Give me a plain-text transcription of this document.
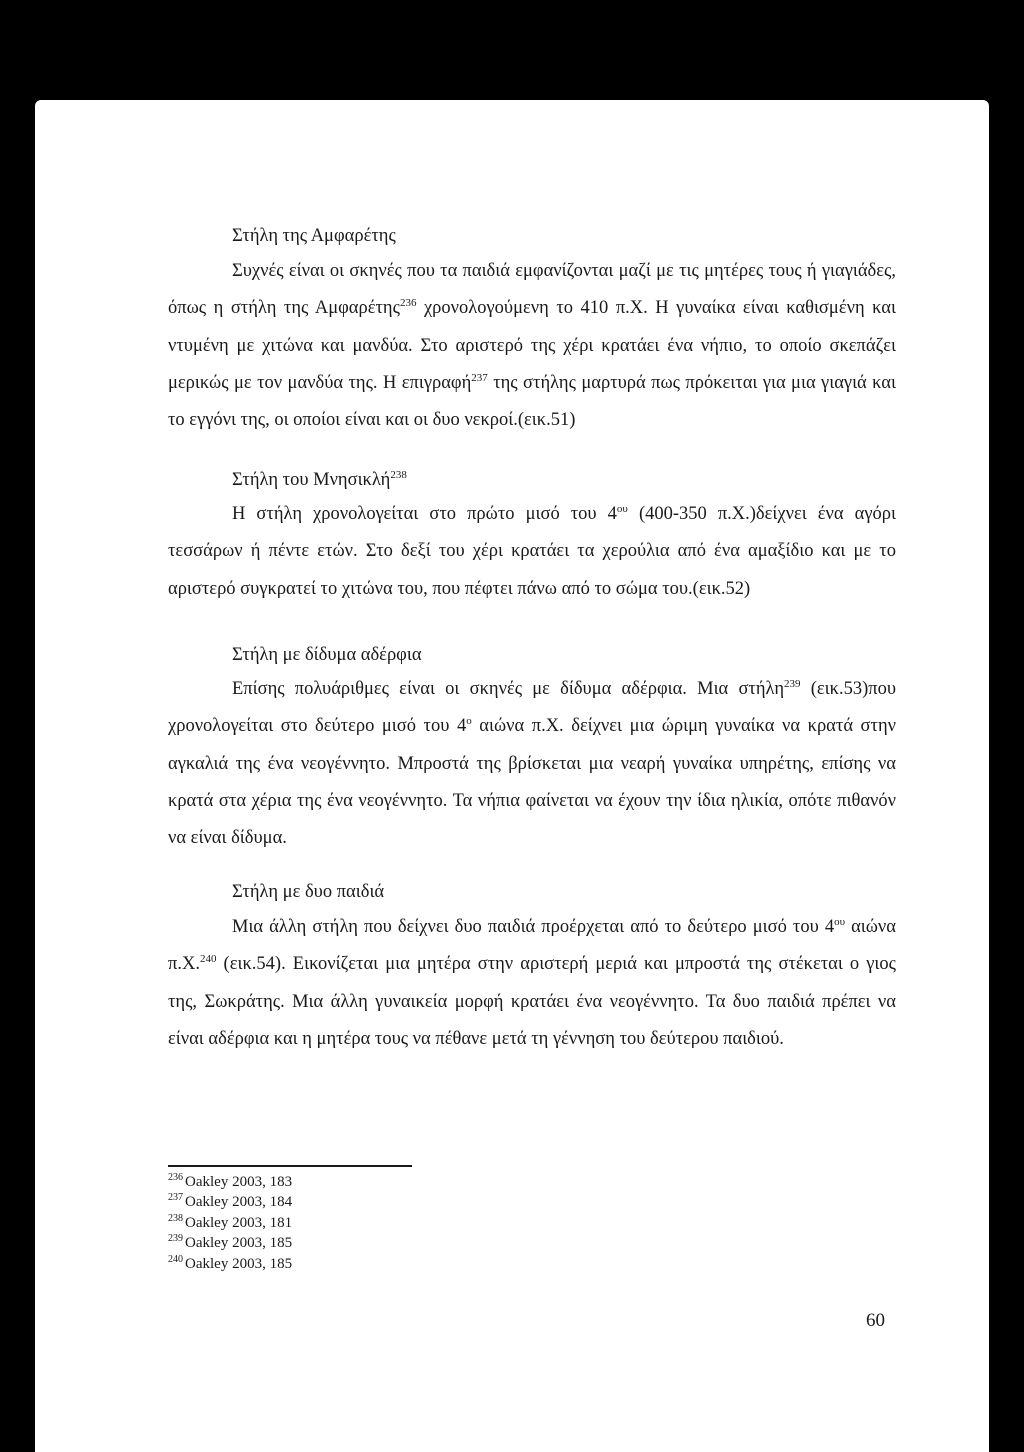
Στήλη της Αμφαρέτης

Συχνές είναι οι σκηνές που τα παιδιά εμφανίζονται μαζί με τις μητέρες τους ή γιαγιάδες, όπως η στήλη της Αμφαρέτης$^{236}$ χρονολογούμενη το 410 π.Χ. Η γυναίκα είναι καθισμένη και ντυμένη με χιτώνα και μανδύα. Στο αριστερό της χέρι κρατάει ένα νήπιο, το οποίο σκεπάζει μερικώς με τον μανδύα της. Η επιγραφή$^{237}$ της στήλης μαρτυρά πως πρόκειται για μια γιαγιά και το εγγόνι της, οι οποίοι είναι και οι δυο νεκροί.(εικ.51)

Στήλη του Μνησικλή$^{238}$

Η στήλη χρονολογείται στο πρώτο μισό του $4^{o\upsilon}$ (400-350 π.Χ.)δείχνει ένα αγόρι τεσσάρων ή πέντε ετών. Στο δεξί του χέρι κρατάει τα χερούλια από ένα αμαξίδιο και με το αριστερό συγκρατεί το χιτώνα του, που πέφτει πάνω από το σώμα του.(εικ.52)

Στήλη με δίδυμα αδέρφια

Επίσης πολυάριθμες είναι οι σκηνές με δίδυμα αδέρφια. Μια στήλη$^{239}$ (εικ.53)που χρονολογείται στο δεύτερο μισό του $4^o$ αιώνα π.Χ. δείχνει μια ώριμη γυναίκα να κρατά στην αγκαλιά της ένα νεογέννητο. Μπροστά της βρίσκεται μια νεαρή γυναίκα υπηρέτης, επίσης να κρατά στα χέρια της ένα νεογέννητο. Τα νήπια φαίνεται να έχουν την ίδια ηλικία, οπότε πιθανόν να είναι δίδυμα.

Στήλη με δυο παιδιά

Μια άλλη στήλη που δείχνει δυο παιδιά προέρχεται από το δεύτερο μισό του $4^{o\upsilon}$ αιώνα π.Χ.$^{240}$ (εικ.54). Εικονίζεται μια μητέρα στην αριστερή μεριά και μπροστά της στέκεται ο γιος της, Σωκράτης. Μια άλλη γυναικεία μορφή κρατάει ένα νεογέννητο. Τα δυο παιδιά πρέπει να είναι αδέρφια και η μητέρα τους να πέθανε μετά τη γέννηση του δεύτερου παιδιού.

$^{236}$ Oakley 2003, 183
$^{237}$ Oakley 2003, 184
$^{238}$ Oakley 2003, 181
$^{239}$ Oakley 2003, 185
$^{240}$ Oakley 2003, 185
60
